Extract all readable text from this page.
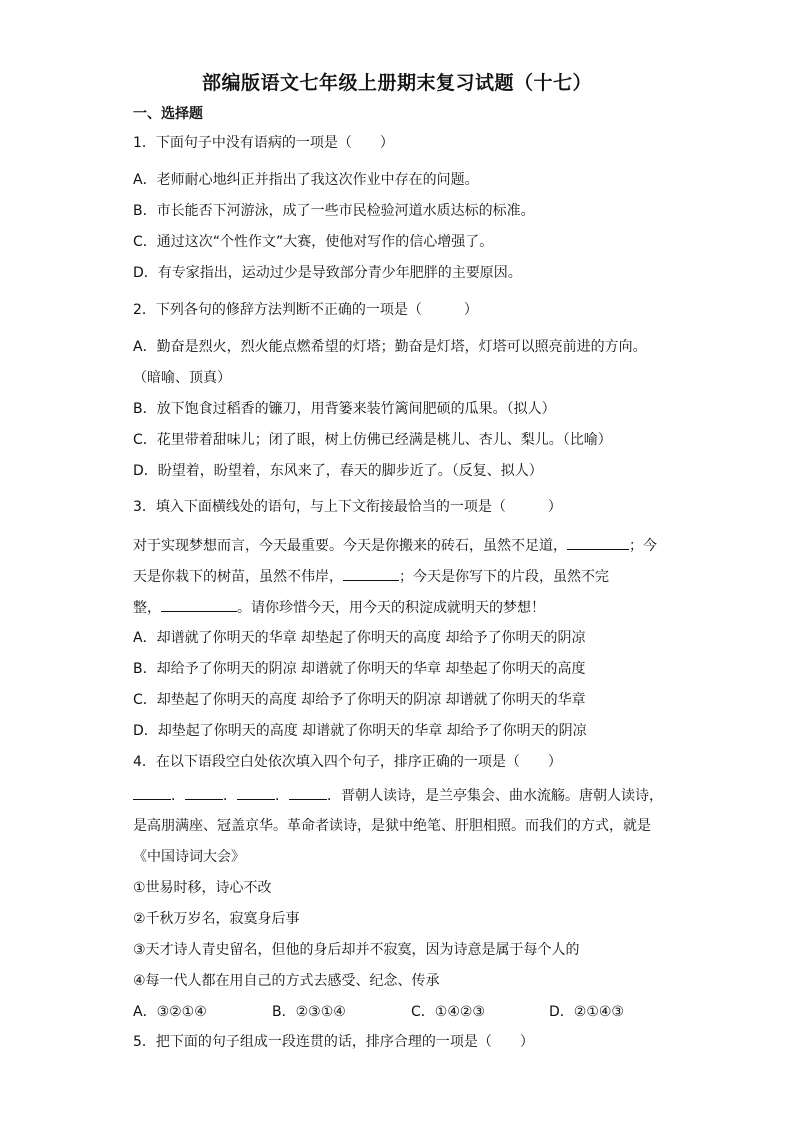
部编版语文七年级上册期末复习试题（十七）
一、选择题
1．下面句子中没有语病的一项是（　　）
A．老师耐心地纠正并指出了我这次作业中存在的问题。
B．市长能否下河游泳，成了一些市民检验河道水质达标的标准。
C．通过这次“个性作文”大赛，使他对写作的信心增强了。
D．有专家指出，运动过少是导致部分青少年肥胖的主要原因。
2．下列各句的修辞方法判断不正确的一项是（　　　）
A．勤奋是烈火，烈火能点燃希望的灯塔；勤奋是灯塔，灯塔可以照亮前进的方向。
（暗喻、顶真）
B．放下饱食过稻香的镰刀，用背篓来装竹篱间肥硕的瓜果。（拟人）
C．花里带着甜味儿；闭了眼，树上仿佛已经满是桃儿、杏儿、梨儿。（比喻）
D．盼望着，盼望着，东风来了，春天的脚步近了。（反复、拟人）
3．填入下面横线处的语句，与上下文衔接最恰当的一项是（　　　）
对于实现梦想而言，今天最重要。今天是你搬来的砖石，虽然不足道，	；今
天是你栽下的树苗，虽然不伟岸，	；今天是你写下的片段，虽然不完
整，	。请你珍惜今天，用今天的积淀成就明天的梦想！
A．却谱就了你明天的华章 却垫起了你明天的高度 却给予了你明天的阴凉
B．却给予了你明天的阴凉 却谱就了你明天的华章 却垫起了你明天的高度
C．却垫起了你明天的高度 却给予了你明天的阴凉 却谱就了你明天的华章
D．却垫起了你明天的高度 却谱就了你明天的华章 却给予了你明天的阴凉
4．在以下语段空白处依次填入四个句子，排序正确的一项是（　　）
．	．	．	．晋朝人读诗，是兰亭集会、曲水流觞。唐朝人读诗，
是高朋满座、冠盖京华。革命者读诗，是狱中绝笔、肝胆相照。而我们的方式，就是
《中国诗词大会》
①世易时移，诗心不改
②千秋万岁名，寂寞身后事
③天才诗人青史留名，但他的身后却并不寂寞，因为诗意是属于每个人的
④每一代人都在用自己的方式去感受、纪念、传承
A．③②①④	B．②③①④	C．①④②③	D．②①④③
5．把下面的句子组成一段连贯的话，排序合理的一项是（　　）
